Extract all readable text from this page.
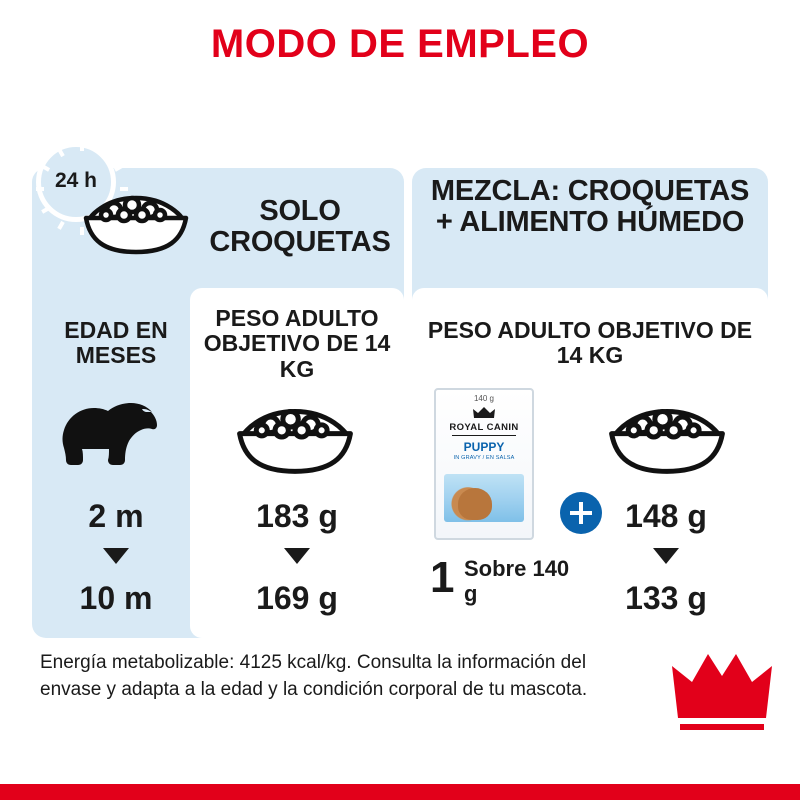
MODO DE EMPLEO
SOLO CROQUETAS
MEZCLA: CROQUETAS + ALIMENTO HÚMEDO
24 h
EDAD EN MESES
PESO ADULTO OBJETIVO DE 14 KG
PESO ADULTO OBJETIVO DE 14 KG
140 g
ROYAL CANIN
PUPPY
IN GRAVY / EN SALSA
1 Sobre 140 g
2 m
10 m
183 g
169 g
148 g
133 g
Energía metabolizable: 4125 kcal/kg. Consulta la información del envase y adapta a la edad y la condición corporal de tu mascota.
